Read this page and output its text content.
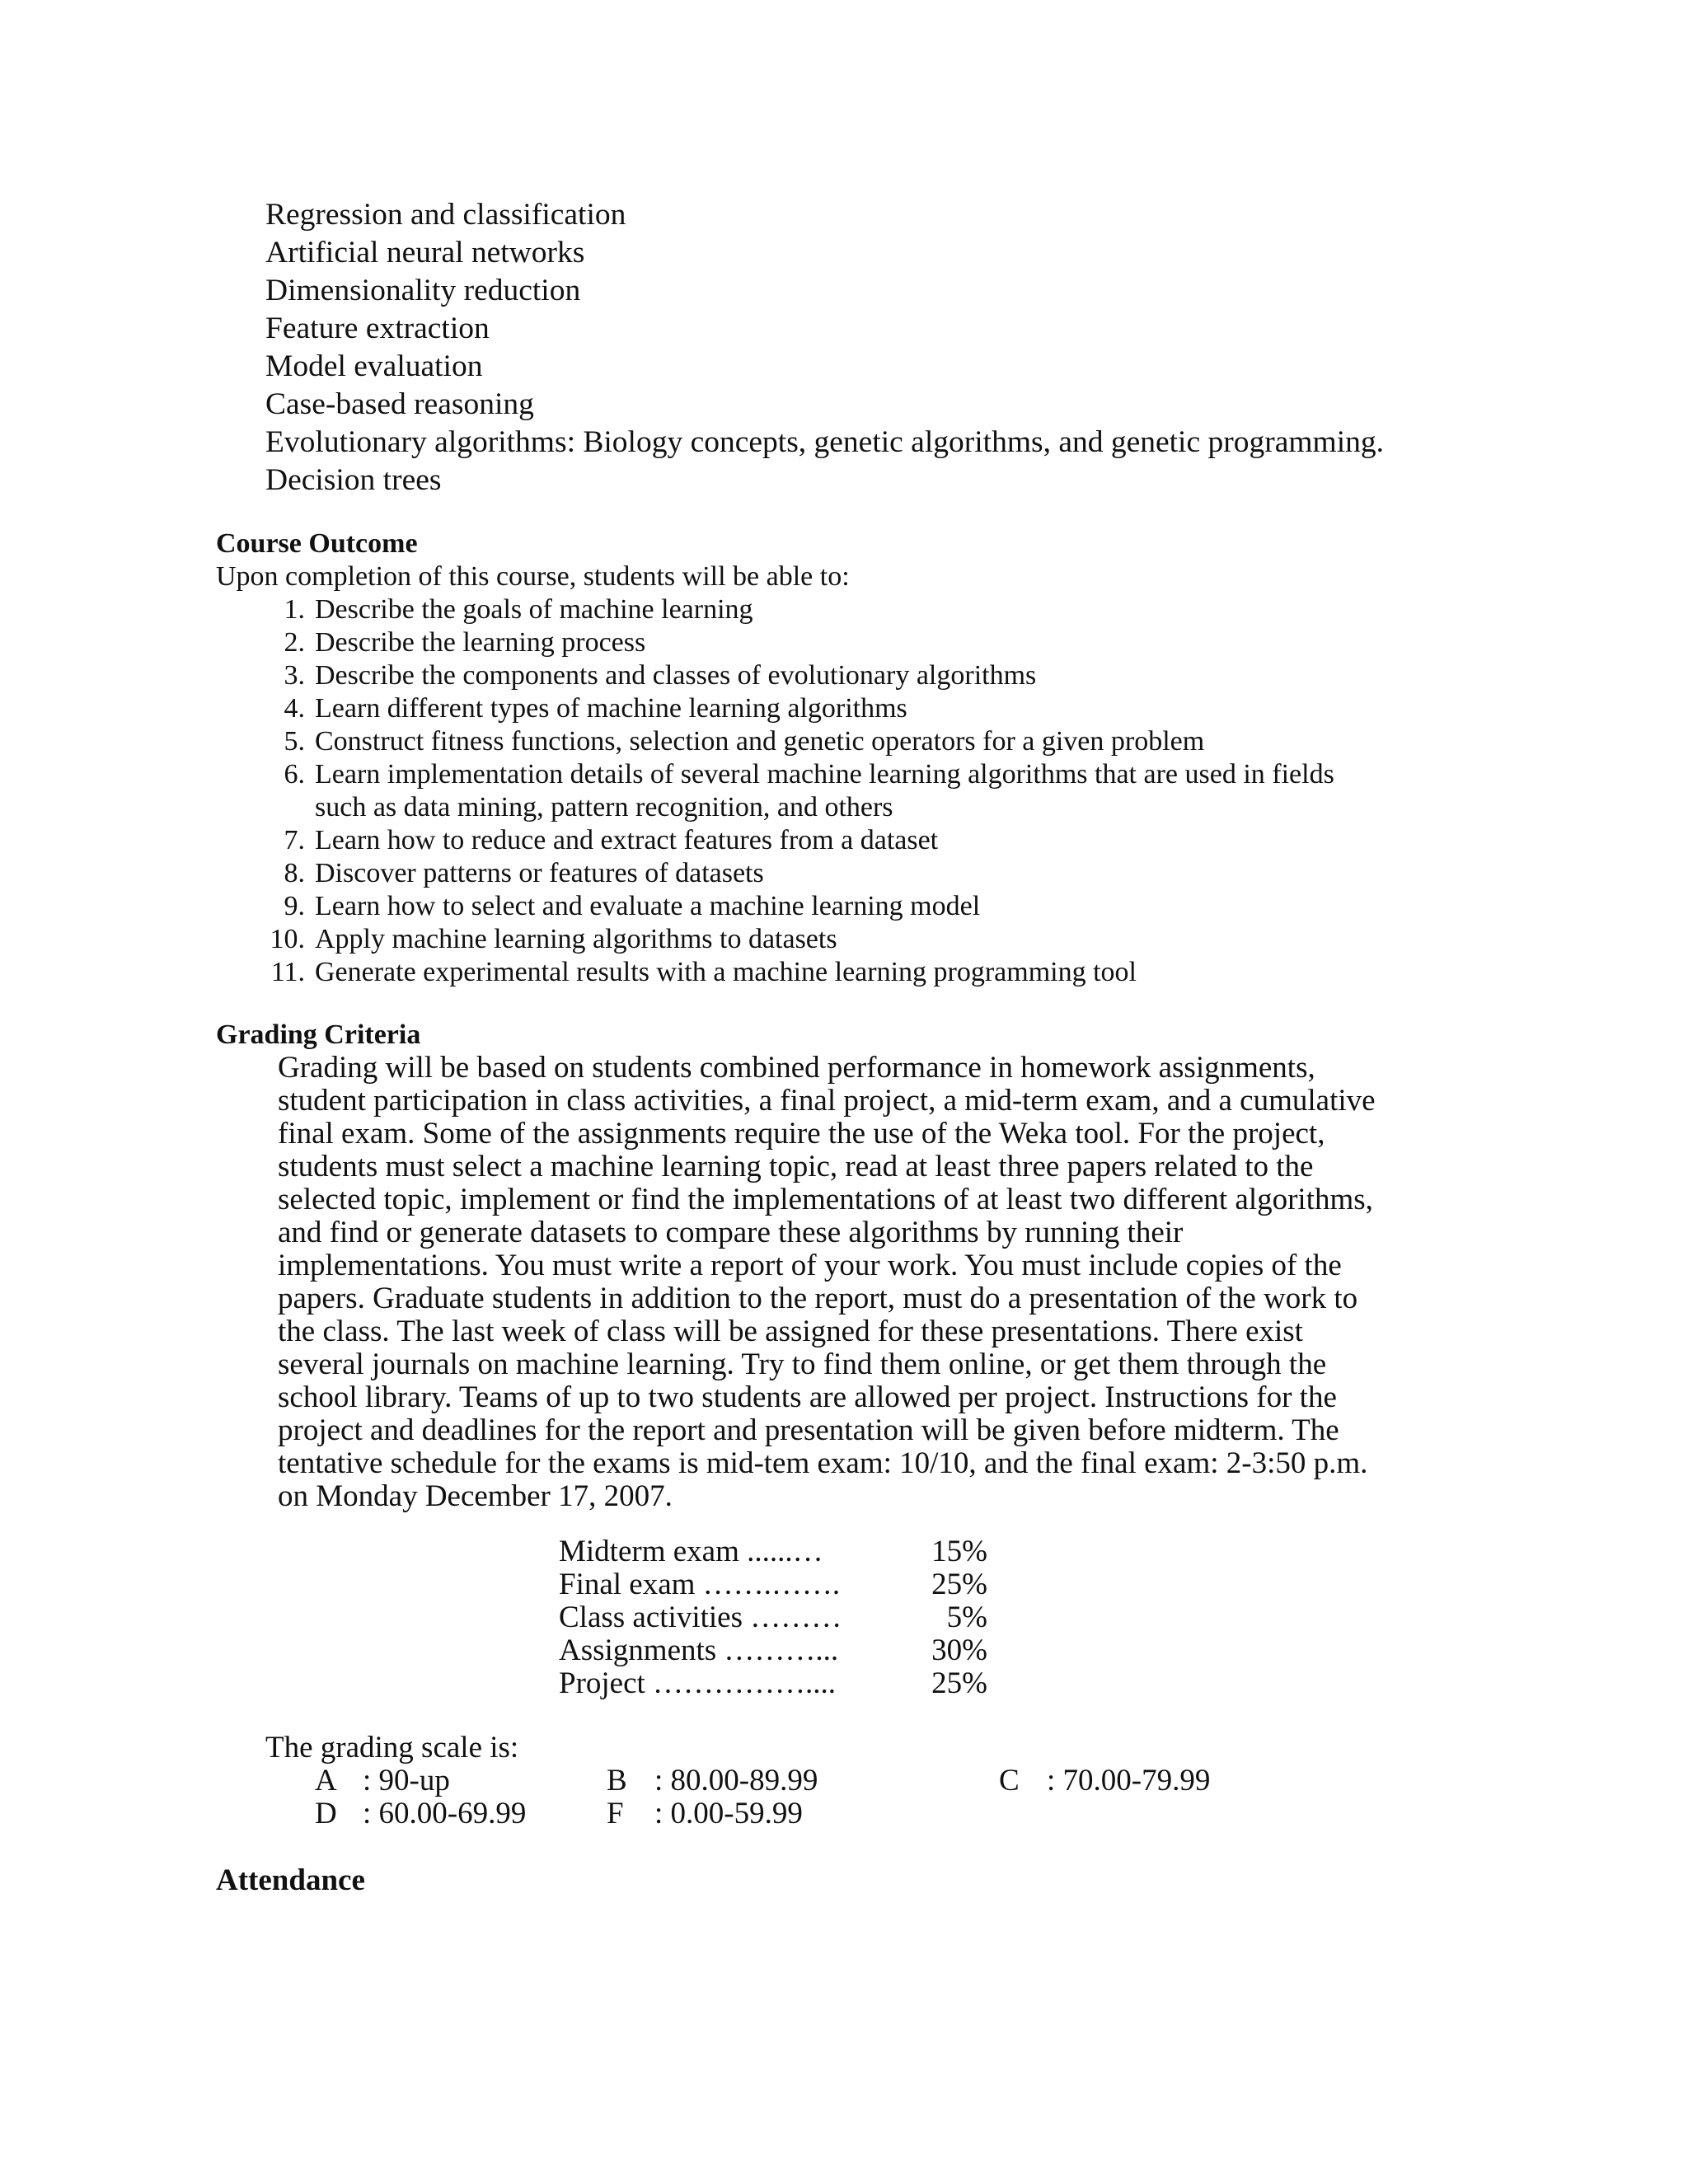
Regression and classification
Artificial neural networks
Dimensionality reduction
Feature extraction
Model evaluation
Case-based reasoning
Evolutionary algorithms: Biology concepts, genetic algorithms, and genetic programming.
Decision trees
Course Outcome
Upon completion of this course, students will be able to:
1. Describe the goals of machine learning
2. Describe the learning process
3. Describe the components and classes of evolutionary algorithms
4. Learn different types of machine learning algorithms
5. Construct fitness functions, selection and genetic operators for a given problem
6. Learn implementation details of several machine learning algorithms that are used in fields
such as data mining, pattern recognition, and others
7. Learn how to reduce and extract features from a dataset
8. Discover patterns or features of datasets
9. Learn how to select and evaluate a machine learning model
10. Apply machine learning algorithms to datasets
11. Generate experimental results with a machine learning programming tool
Grading Criteria
Grading will be based on students combined performance in homework assignments,
student participation in class activities, a final project, a mid-term exam, and a cumulative
final exam. Some of the assignments require the use of the Weka tool. For the project,
students must select a machine learning topic, read at least three papers related to the
selected topic, implement or find the implementations of at least two different algorithms,
and find or generate datasets to compare these algorithms by running their
implementations. You must write a report of your work. You must include copies of the
papers. Graduate students in addition to the report, must do a presentation of the work to
the class. The last week of class will be assigned for these presentations. There exist
several journals on machine learning. Try to find them online, or get them through the
school library. Teams of up to two students are allowed per project. Instructions for the
project and deadlines for the report and presentation will be given before midterm. The
tentative schedule for the exams is mid-tem exam: 10/10, and the final exam: 2-3:50 p.m.
on Monday December 17, 2007.
Midterm exam ......…	15%
Final exam …….…….	25%
Class activities ………	5%
Assignments ………...	30%
Project ……………....	25%
The grading scale is:
A : 90-up	B : 80.00-89.99	C : 70.00-79.99
D : 60.00-69.99	F : 0.00-59.99
Attendance
